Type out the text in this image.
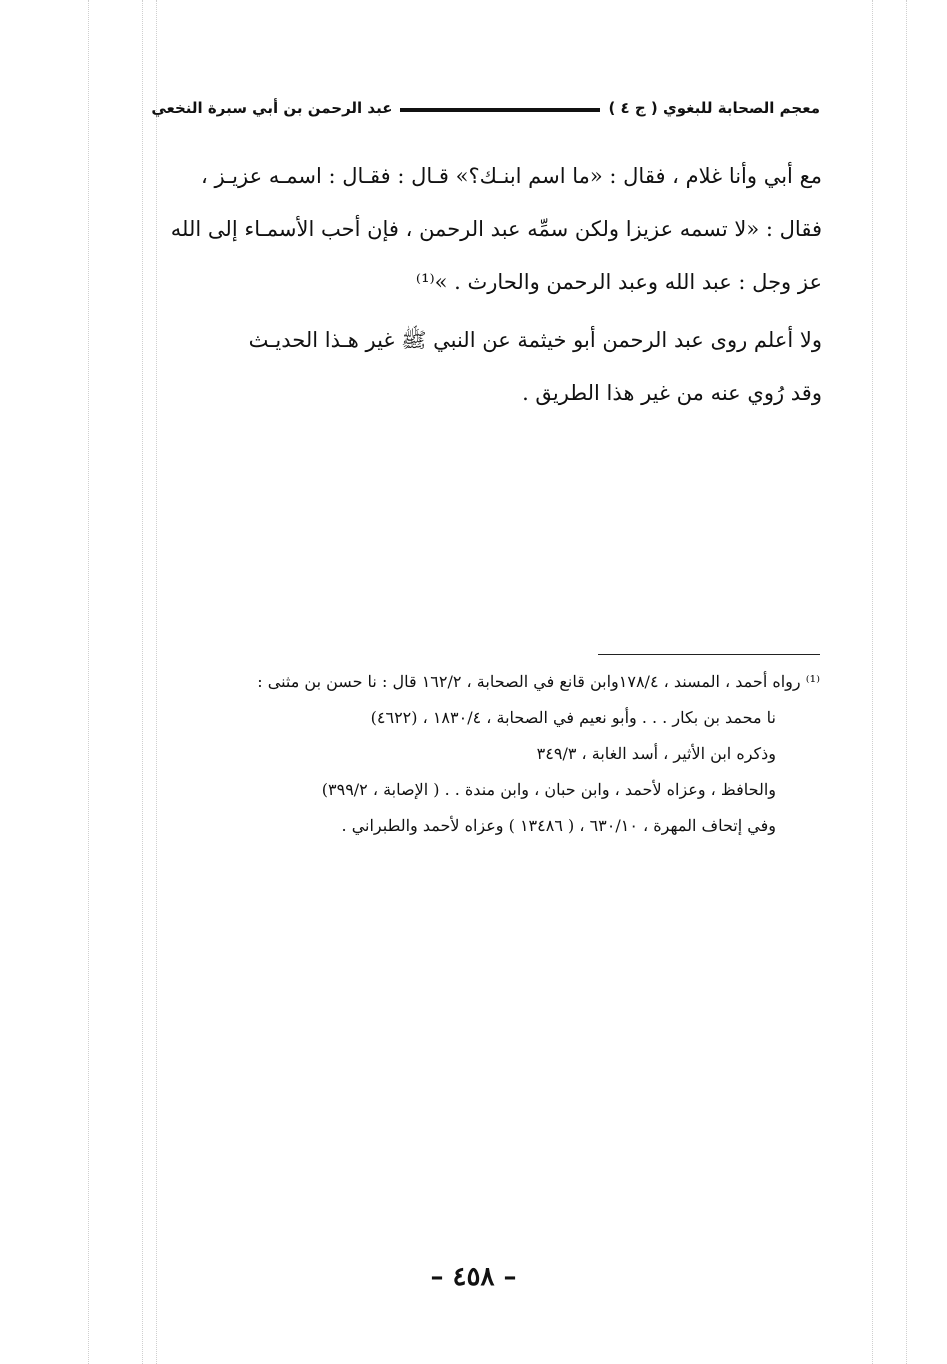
معجم الصحابة للبغوي ( ج ٤ )
عبد الرحمن بن أبي سبرة النخعي

مع أبي وأنا غلام ، فقال : «ما اسم ابنـك؟» قـال : فقـال : اسمـه عزيـز ،

فقال : «لا تسمه عزيزا ولكن سمِّه عبد الرحمن ، فإن أحب الأسمـاء إلى الله

عز وجل : عبد الله وعبد الرحمن والحارث . »⁽¹⁾

ولا أعلم روى عبد الرحمن أبو خيثمة عن النبي ﷺ غير هـذا الحديـث

وقد رُوي عنه من غير هذا الطريق .

⁽¹⁾ رواه أحمد ، المسند ، ١٧٨/٤وابن قانع في الصحابة ، ١٦٢/٢ قال : نا حسن بن مثنى :

نا محمد بن بكار . . . وأبو نعيم في الصحابة ، ١٨٣٠/٤ ، (٤٦٢٢)

وذكره ابن الأثير ، أسد الغابة ، ٣٤٩/٣

والحافظ ، وعزاه لأحمد ، وابن حبان ، وابن مندة . . ( الإصابة ، ٣٩٩/٢)

وفي إتحاف المهرة ، ٦٣٠/١٠ ، ( ١٣٤٨٦ ) وعزاه لأحمد والطبراني .

– ٤٥٨ –
